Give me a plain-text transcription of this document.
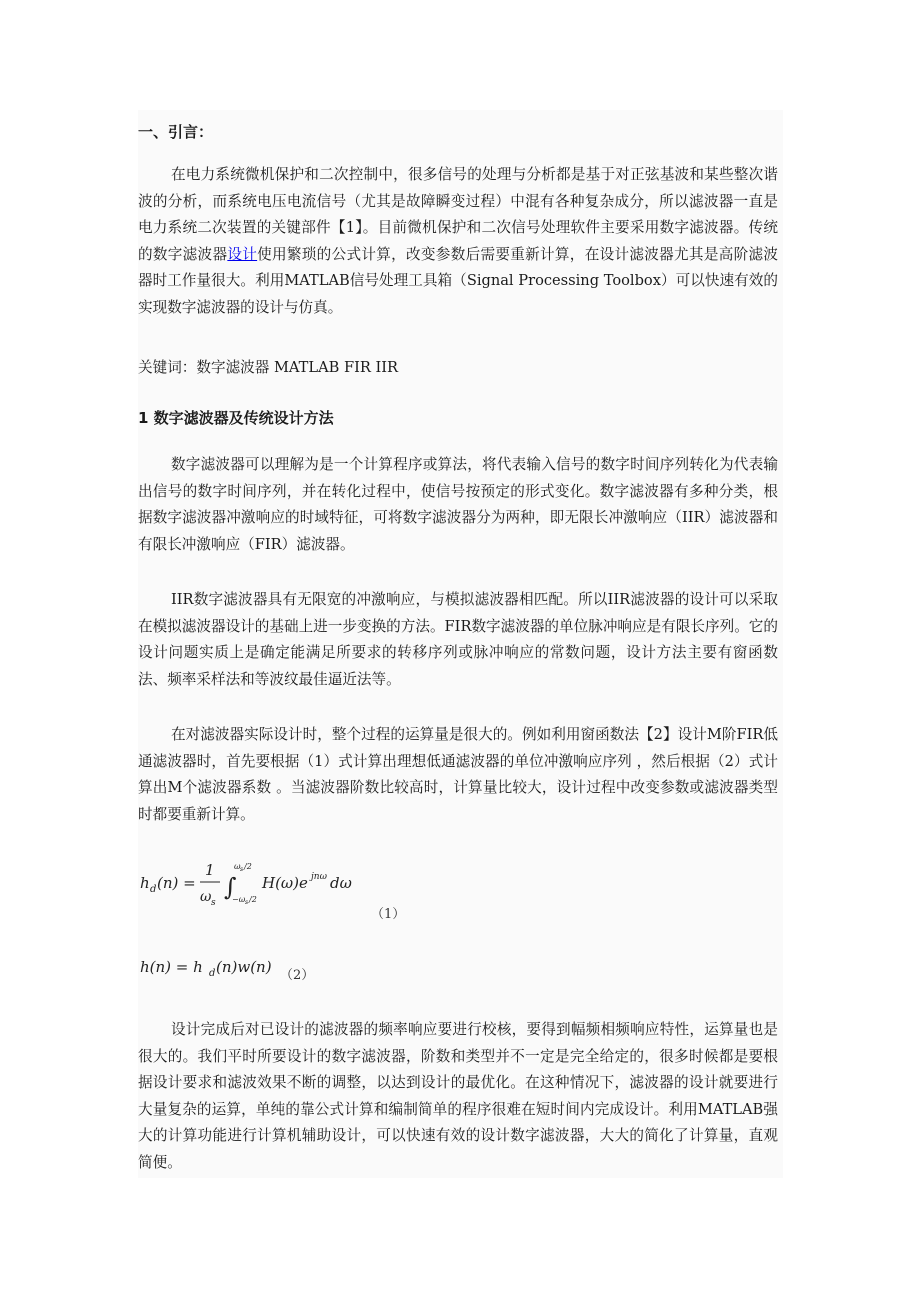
一、引言：

在电力系统微机保护和二次控制中，很多信号的处理与分析都是基于对正弦基波和某些整次谐波的分析，而系统电压电流信号（尤其是故障瞬变过程）中混有各种复杂成分，所以滤波器一直是电力系统二次装置的关键部件【1】。目前微机保护和二次信号处理软件主要采用数字滤波器。传统的数字滤波器设计使用繁琐的公式计算，改变参数后需要重新计算，在设计滤波器尤其是高阶滤波器时工作量很大。利用MATLAB信号处理工具箱（Signal Processing Toolbox）可以快速有效的实现数字滤波器的设计与仿真。

关键词：数字滤波器 MATLAB FIR IIR
1 数字滤波器及传统设计方法

数字滤波器可以理解为是一个计算程序或算法，将代表输入信号的数字时间序列转化为代表输出信号的数字时间序列，并在转化过程中，使信号按预定的形式变化。数字滤波器有多种分类，根据数字滤波器冲激响应的时域特征，可将数字滤波器分为两种，即无限长冲激响应（IIR）滤波器和有限长冲激响应（FIR）滤波器。

IIR数字滤波器具有无限宽的冲激响应，与模拟滤波器相匹配。所以IIR滤波器的设计可以采取在模拟滤波器设计的基础上进一步变换的方法。FIR数字滤波器的单位脉冲响应是有限长序列。它的设计问题实质上是确定能满足所要求的转移序列或脉冲响应的常数问题，设计方法主要有窗函数法、频率采样法和等波纹最佳逼近法等。

在对滤波器实际设计时，整个过程的运算量是很大的。例如利用窗函数法【2】设计M阶FIR低通滤波器时，首先要根据（1）式计算出理想低通滤波器的单位冲激响应序列 ，然后根据（2）式计算出M个滤波器系数 。当滤波器阶数比较高时，计算量比较大，设计过程中改变参数或滤波器类型时都要重新计算。

h d (n) =
1
ω s
∫
ω s /2
−ω s /2
H(ω)e jnω dω
（1）
h(n) = h d (n)w(n) （2）

设计完成后对已设计的滤波器的频率响应要进行校核，要得到幅频相频响应特性，运算量也是很大的。我们平时所要设计的数字滤波器，阶数和类型并不一定是完全给定的，很多时候都是要根据设计要求和滤波效果不断的调整，以达到设计的最优化。在这种情况下，滤波器的设计就要进行大量复杂的运算，单纯的靠公式计算和编制简单的程序很难在短时间内完成设计。利用MATLAB强大的计算功能进行计算机辅助设计，可以快速有效的设计数字滤波器，大大的简化了计算量，直观简便。
